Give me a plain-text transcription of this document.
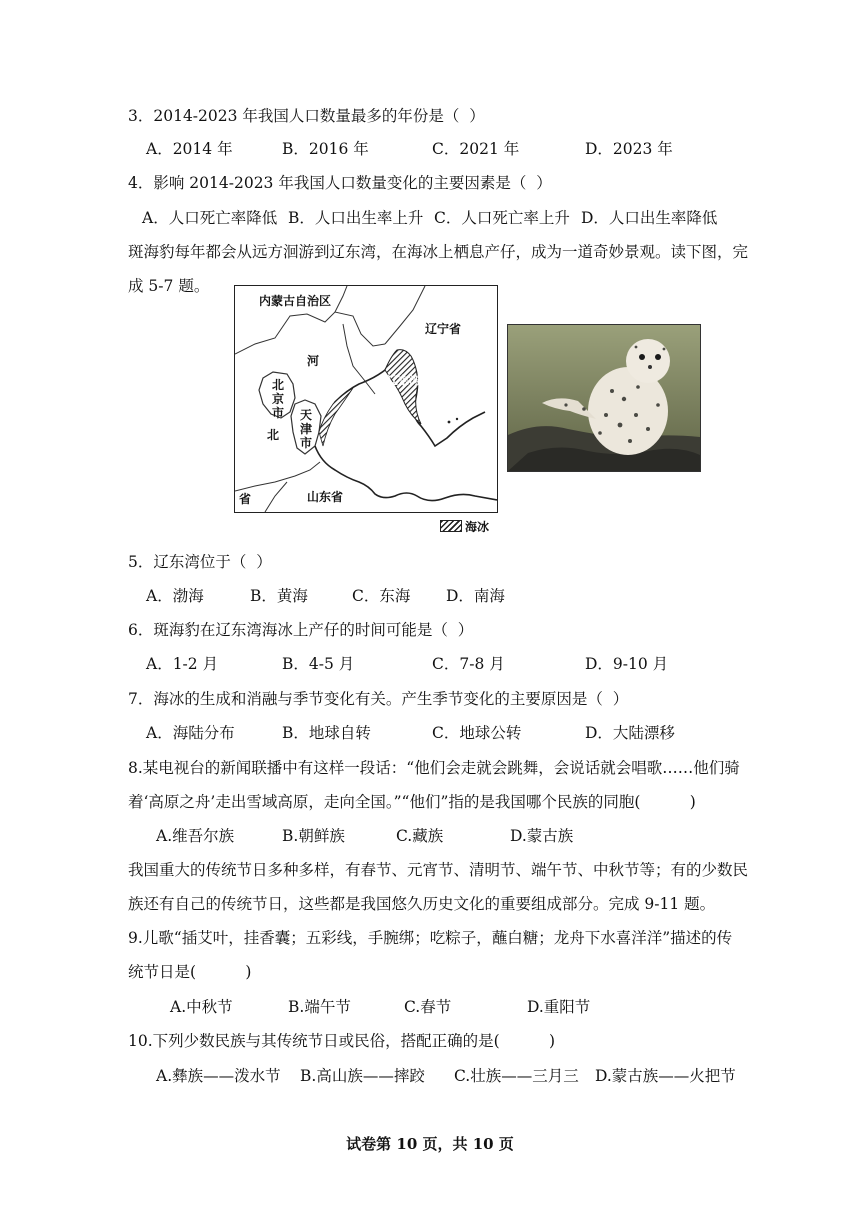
3．2014-2023 年我国人口数量最多的年份是（  ）
A．2014 年	B．2016 年	C．2021 年	D．2023 年
4．影响 2014-2023 年我国人口数量变化的主要因素是（  ）
A．人口死亡率降低 B．人口出生率上升 C．人口死亡率上升 D．人口出生率降低
斑海豹每年都会从远方洄游到辽东湾，在海冰上栖息产仔，成为一道奇妙景观。读下图，完
成 5-7 题。
内蒙古自治区
辽宁省
辽东湾
河
北
省
北京市 天津市
山东省
海冰
5．辽东湾位于（  ）
A．渤海	B．黄海	C．东海 D．南海
6．斑海豹在辽东湾海冰上产仔的时间可能是（  ）
A．1-2 月	B．4-5 月	C．7-8 月	D．9-10 月
7．海冰的生成和消融与季节变化有关。产生季节变化的主要原因是（  ）
A．海陆分布	B．地球自转	C．地球公转	D．大陆漂移
8.某电视台的新闻联播中有这样一段话：“他们会走就会跳舞，会说话就会唱歌……他们骑
着‘高原之舟’走出雪域高原，走向全国。”“他们”指的是我国哪个民族的同胞(          )
A.维吾尔族	B.朝鲜族	C.藏族	D.蒙古族
我国重大的传统节日多种多样，有春节、元宵节、清明节、端午节、中秋节等；有的少数民
族还有自己的传统节日，这些都是我国悠久历史文化的重要组成部分。完成 9-11 题。
9.儿歌“插艾叶，挂香囊；五彩线，手腕绑；吃粽子，蘸白糖；龙舟下水喜洋洋”描述的传
统节日是(          )
A.中秋节	B.端午节	C.春节	D.重阳节
10.下列少数民族与其传统节日或民俗，搭配正确的是(          )
A.彝族——泼水节 B.高山族——摔跤 C.壮族——三月三 D.蒙古族——火把节
试卷第 10 页，共 10 页
